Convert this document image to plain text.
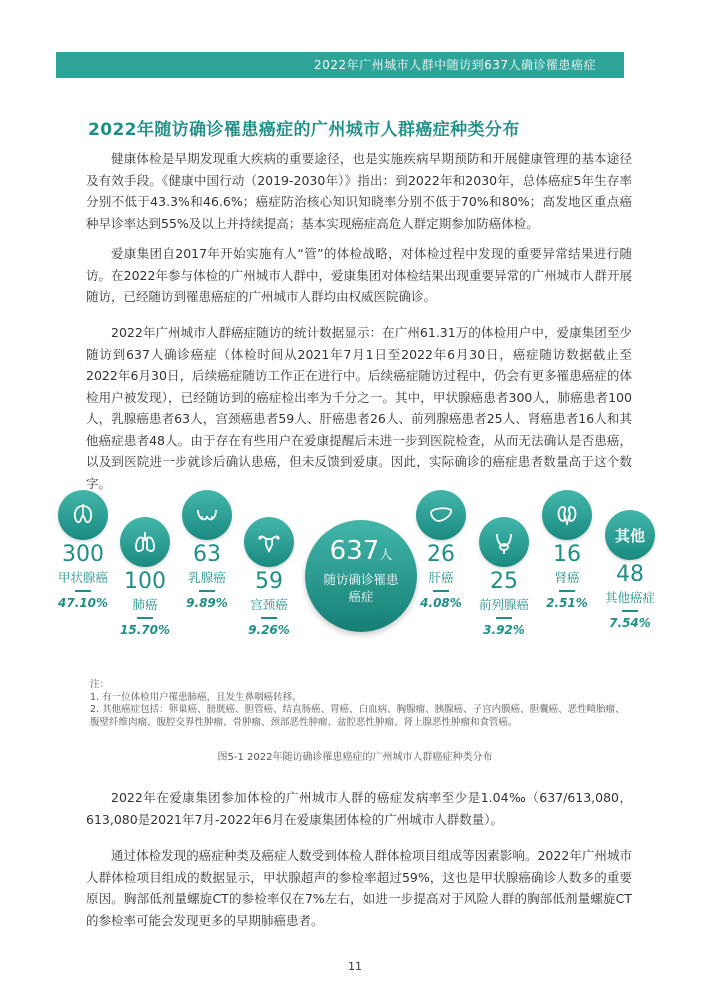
2022年广州城市人群中随访到637人确诊罹患癌症
2022年随访确诊罹患癌症的广州城市人群癌症种类分布

健康体检是早期发现重大疾病的重要途径，也是实施疾病早期预防和开展健康管理的基本途径及有效手段。《健康中国行动（2019-2030年）》指出：到2022年和2030年，总体癌症5年生存率分别不低于43.3%和46.6%；癌症防治核心知识知晓率分别不低于70%和80%；高发地区重点癌种早诊率达到55%及以上并持续提高；基本实现癌症高危人群定期参加防癌体检。

爱康集团自2017年开始实施有人“管”的体检战略，对体检过程中发现的重要异常结果进行随访。在2022年参与体检的广州城市人群中，爱康集团对体检结果出现重要异常的广州城市人群开展随访，已经随访到罹患癌症的广州城市人群均由权威医院确诊。

2022年广州城市人群癌症随访的统计数据显示：在广州61.31万的体检用户中，爱康集团至少随访到637人确诊癌症（体检时间从2021年7月1日至2022年6月30日，癌症随访数据截止至2022年6月30日，后续癌症随访工作正在进行中。后续癌症随访过程中，仍会有更多罹患癌症的体检用户被发现），已经随访到的癌症检出率为千分之一。其中，甲状腺癌患者300人，肺癌患者100人，乳腺癌患者63人，宫颈癌患者59人、肝癌患者26人、前列腺癌患者25人、肾癌患者16人和其他癌症患者48人。由于存在有些用户在爱康提醒后未进一步到医院检查，从而无法确认是否患癌，以及到医院进一步就诊后确认患癌，但未反馈到爱康。因此，实际确诊的癌症患者数量高于这个数字。

300
甲状腺癌
47.10%
100
肺癌
15.70%
63
乳腺癌
9.89%
59
宫颈癌
9.26%
637人
随访确诊罹患癌症
26
肝癌
4.08%
25
前列腺癌
3.92%
16
肾癌
2.51%
其他
48
其他癌症
7.54%
注：
1. 有一位体检用户罹患肺癌，且发生鼻咽癌转移。
2. 其他癌症包括：卵巢癌、膀胱癌、胆管癌、结直肠癌、胃癌、白血病、胸腺瘤、胰腺癌、子宫内膜癌、胆囊癌、恶性畸胎瘤、腹壁纤维肉瘤、腹腔交界性肿瘤、骨肿瘤、颈部恶性肿瘤、盆腔恶性肿瘤、肾上腺恶性肿瘤和食管癌。
图5-1 2022年随访确诊罹患癌症的广州城市人群癌症种类分布

2022年在爱康集团参加体检的广州城市人群的癌症发病率至少是1.04‰（637/613,080，613,080是2021年7月-2022年6月在爱康集团体检的广州城市人群数量）。

通过体检发现的癌症种类及癌症人数受到体检人群体检项目组成等因素影响。2022年广州城市人群体检项目组成的数据显示，甲状腺超声的参检率超过59%，这也是甲状腺癌确诊人数多的重要原因。胸部低剂量螺旋CT的参检率仅在7%左右，如进一步提高对于风险人群的胸部低剂量螺旋CT的参检率可能会发现更多的早期肺癌患者。

11
